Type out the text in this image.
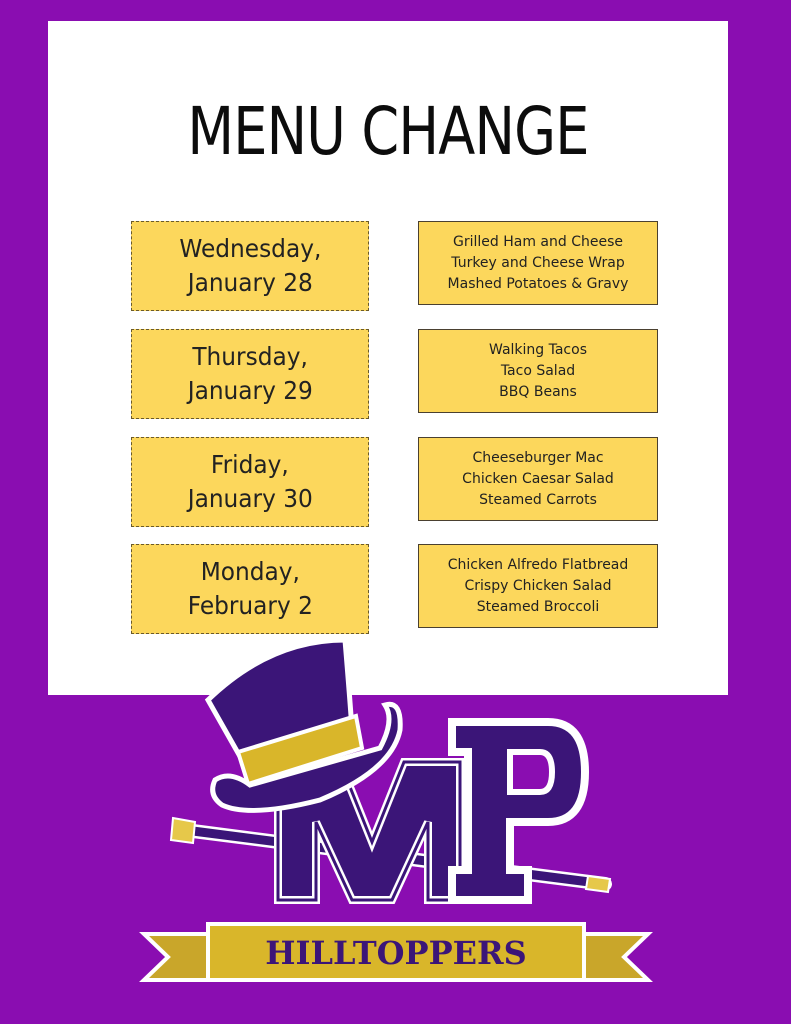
MENU CHANGE
Wednesday,
January 28
Grilled Ham and Cheese
Turkey and Cheese Wrap
Mashed Potatoes & Gravy
Thursday,
January 29
Walking Tacos
Taco Salad
BBQ Beans
Friday,
January 30
Cheeseburger Mac
Chicken Caesar Salad
Steamed Carrots
Monday,
February 2
Chicken Alfredo Flatbread
Crispy Chicken Salad
Steamed Broccoli
HILLTOPPERS
